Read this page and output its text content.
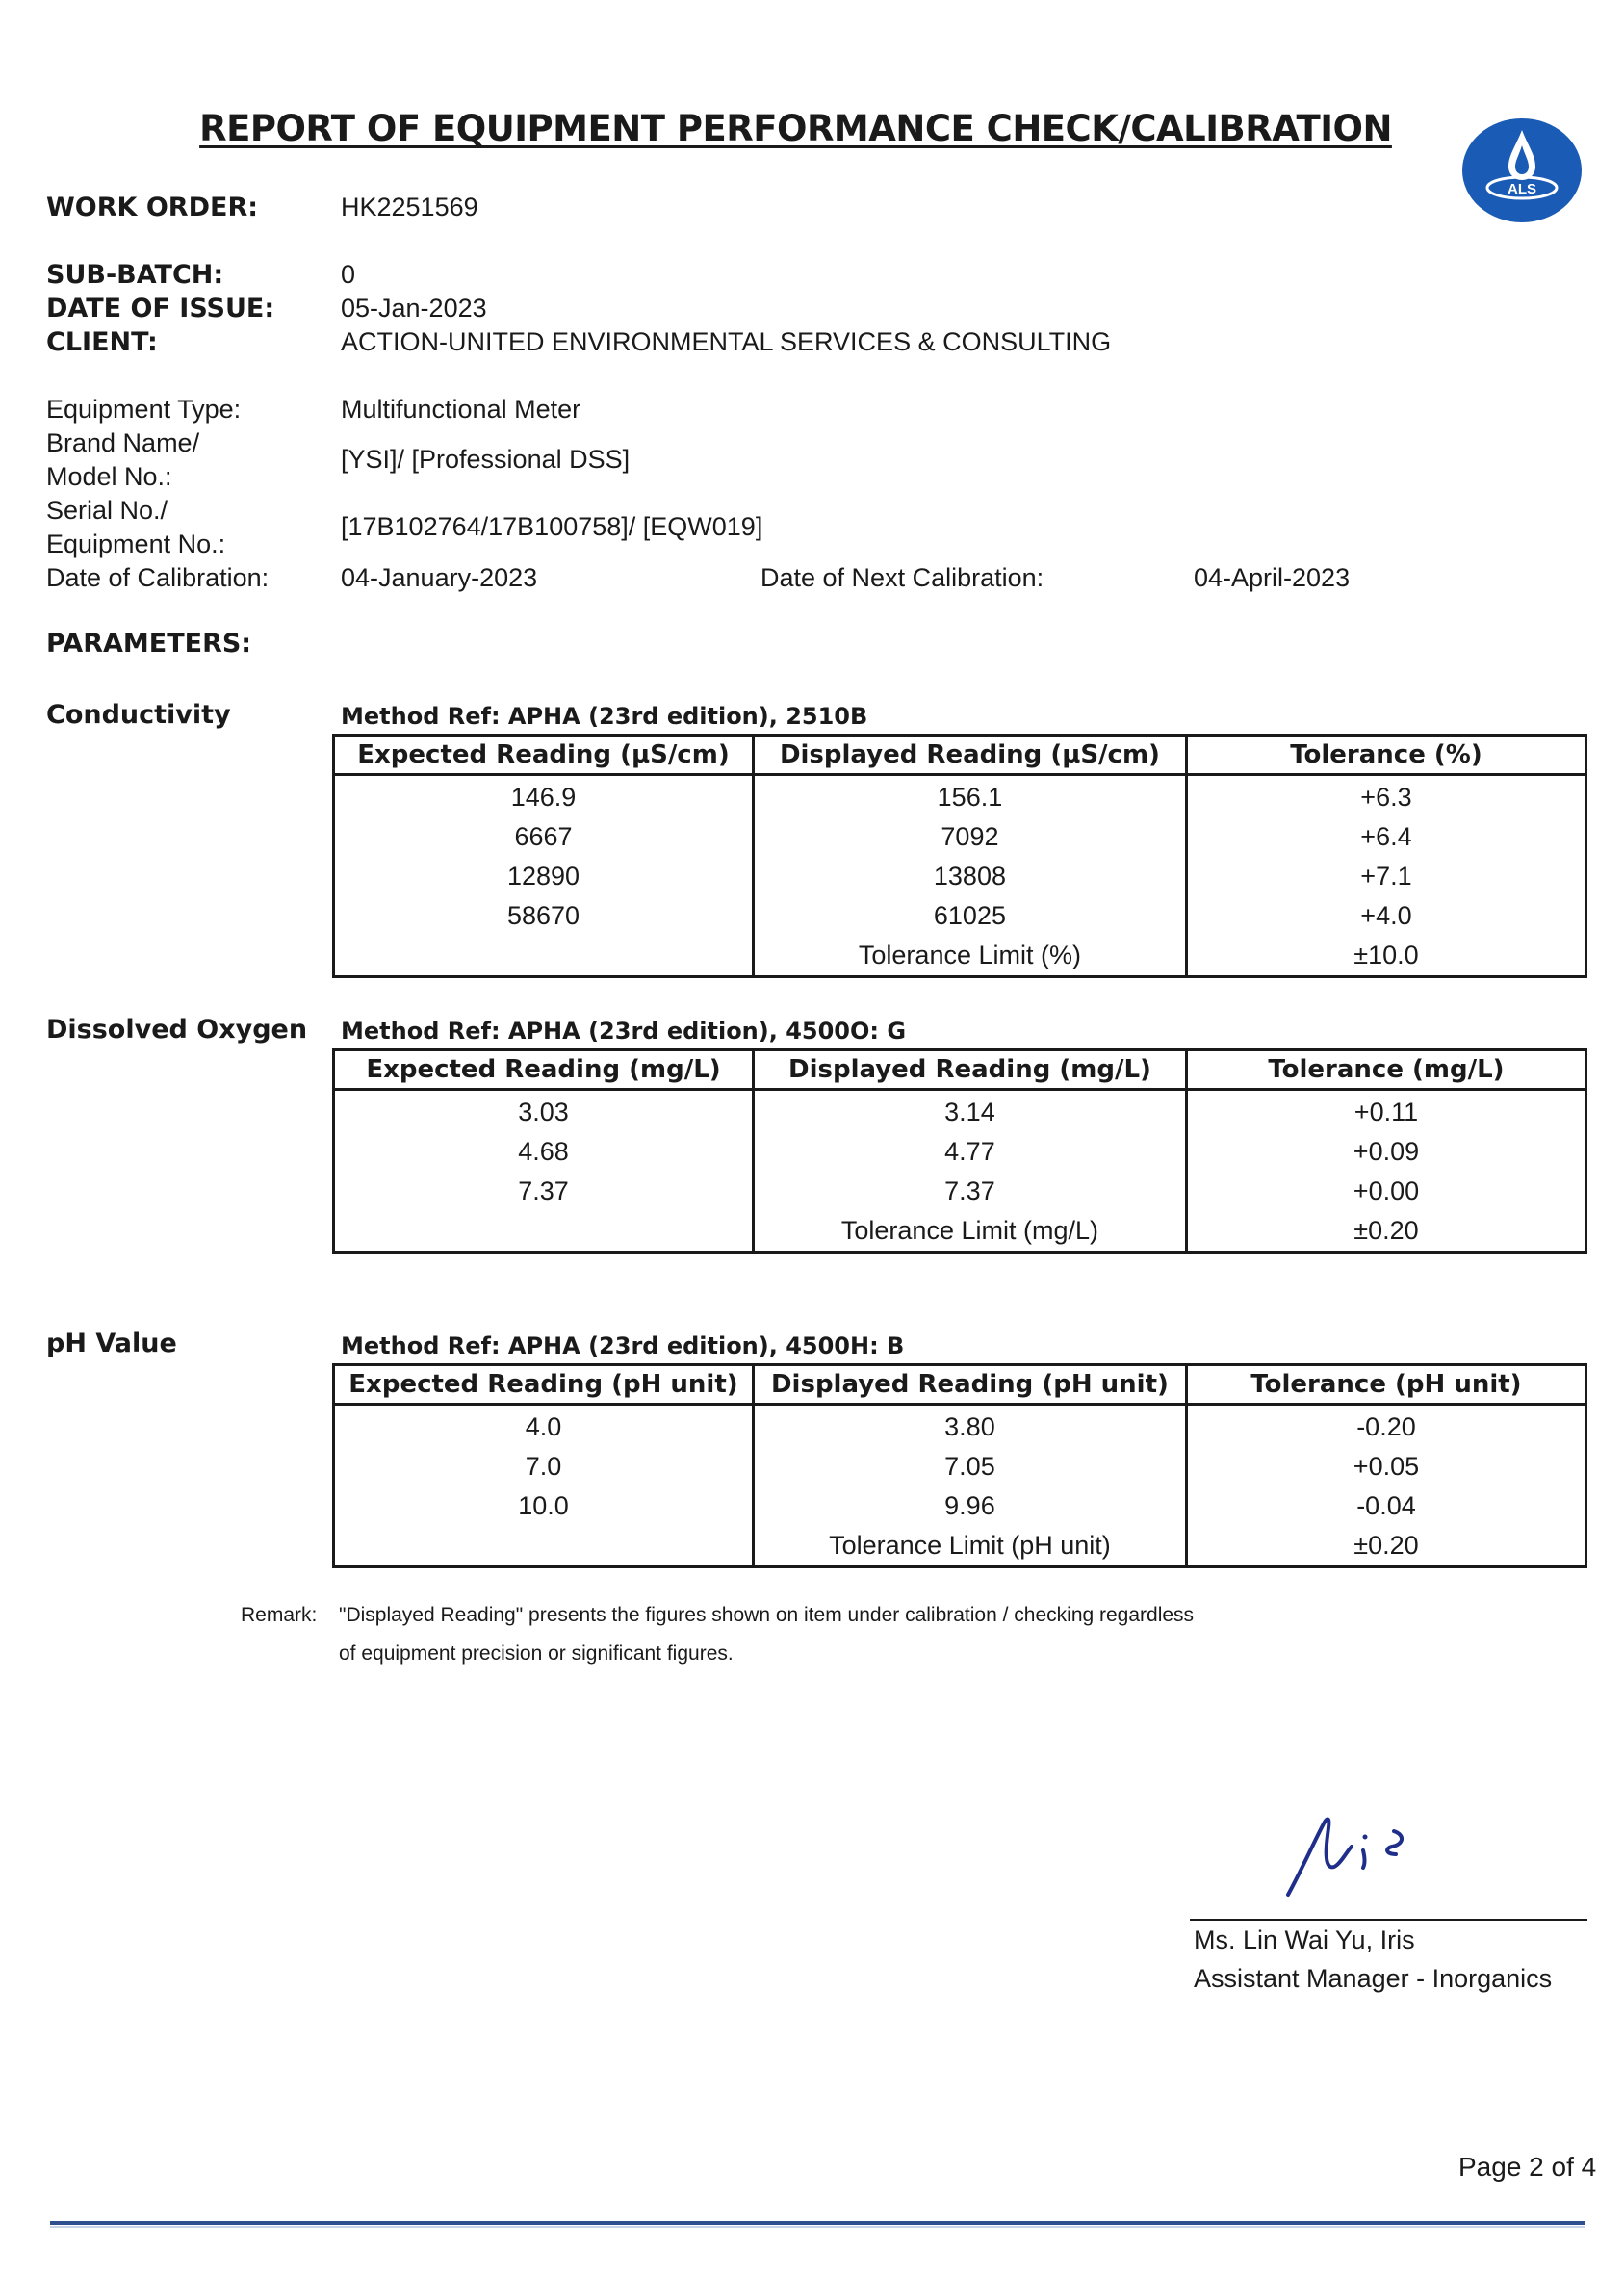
REPORT OF EQUIPMENT PERFORMANCE CHECK/CALIBRATION
ALS
WORK ORDER:	HK2251569
SUB-BATCH:	0
DATE OF ISSUE:	05-Jan-2023
CLIENT:	ACTION-UNITED ENVIRONMENTAL SERVICES & CONSULTING
Equipment Type:	Multifunctional Meter
Brand Name/
Model No.:
[YSI]/ [Professional DSS]
Serial No./
Equipment No.:
[17B102764/17B100758]/ [EQW019]
Date of Calibration:	04-January-2023	Date of Next Calibration:	04-April-2023
PARAMETERS:
Conductivity	Method Ref: APHA (23rd edition), 2510B
Expected Reading (µS/cm)	Displayed Reading (µS/cm)	Tolerance (%)
146.9	156.1	+6.3
6667	7092	+6.4
12890	13808	+7.1
58670	61025	+4.0
	Tolerance Limit (%)	±10.0
Dissolved Oxygen Method Ref: APHA (23rd edition), 4500O: G
Expected Reading (mg/L)	Displayed Reading (mg/L)	Tolerance (mg/L)
3.03	3.14	+0.11
4.68	4.77	+0.09
7.37	7.37	+0.00
	Tolerance Limit (mg/L)	±0.20
pH Value	Method Ref: APHA (23rd edition), 4500H: B
Expected Reading (pH unit)	Displayed Reading (pH unit)	Tolerance (pH unit)
4.0	3.80	-0.20
7.0	7.05	+0.05
10.0	9.96	-0.04
	Tolerance Limit (pH unit)	±0.20
Remark: "Displayed Reading" presents the figures shown on item under calibration / checking regardless
of equipment precision or significant figures.
Ms. Lin Wai Yu, Iris
Assistant Manager - Inorganics
Page 2 of 4
